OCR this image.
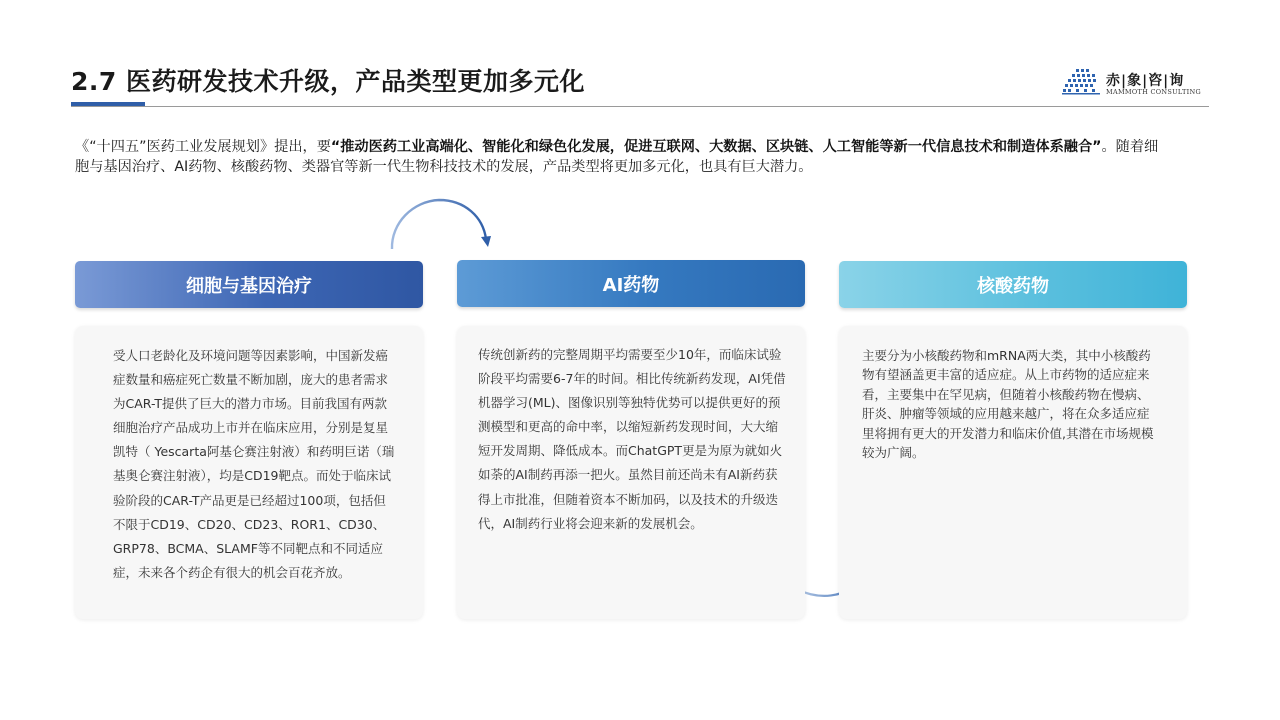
2.7 医药研发技术升级，产品类型更加多元化	赤|象|咨|询
MAMMOTH CONSULTING
《“十四五”医药工业发展规划》提出，要“推动医药工业高端化、智能化和绿色化发展，促进互联网、大数据、区块链、人工智能等新一代信息技术和制造体系融合”。随着细胞与基因治疗、AI药物、核酸药物、类器官等新一代生物科技技术的发展，产品类型将更加多元化，也具有巨大潜力。
细胞与基因治疗	AI药物	核酸药物
受人口老龄化及环境问题等因素影响，中国新发癌症数量和癌症死亡数量不断加剧，庞大的患者需求为CAR-T提供了巨大的潜力市场。目前我国有两款细胞治疗产品成功上市并在临床应用，分别是复星凯特（ Yescarta阿基仑赛注射液）和药明巨诺（瑞基奥仑赛注射液），均是CD19靶点。而处于临床试验阶段的CAR-T产品更是已经超过100项，包括但不限于CD19、CD20、CD23、ROR1、CD30、GRP78、BCMA、SLAMF等不同靶点和不同适应症，未来各个药企有很大的机会百花齐放。
传统创新药的完整周期平均需要至少10年，而临床试验阶段平均需要6-7年的时间。相比传统新药发现，AI凭借机器学习(ML)、图像识别等独特优势可以提供更好的预测模型和更高的命中率，以缩短新药发现时间，大大缩短开发周期、降低成本。而ChatGPT更是为原为就如火如荼的AI制药再添一把火。虽然目前还尚未有AI新药获得上市批准，但随着资本不断加码，以及技术的升级迭代，AI制药行业将会迎来新的发展机会。
主要分为小核酸药物和mRNA两大类，其中小核酸药物有望涵盖更丰富的适应症。从上市药物的适应症来看，主要集中在罕见病，但随着小核酸药物在慢病、肝炎、肿瘤等领域的应用越来越广，将在众多适应症里将拥有更大的开发潜力和临床价值,其潜在市场规模较为广阔。
